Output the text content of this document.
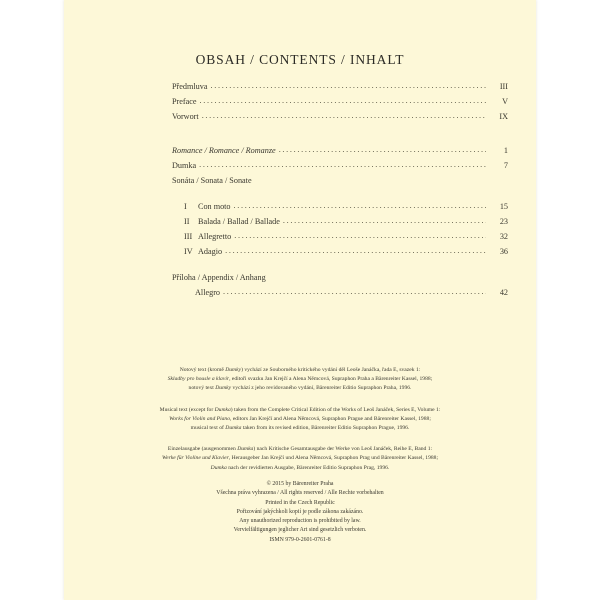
OBSAH / CONTENTS / INHALT
Předmluva .....	III
Preface .....	V
Vorwort .....	IX
Romance / Romance / Romanze .....	1
Dumka .....	7
Sonáta / Sonata / Sonate
I	Con moto .....	15
II	Balada / Ballad / Ballade .....	23
III Allegretto .....	32
IV Adagio .....	36
Příloha / Appendix / Anhang
Allegro .....	42
Notový text (kromě Dumky) vychází ze Souborného kritického vydání děl Leoše Janáčka, řada E, svazek 1:
Skladby pro housle a klavír, editoři svazku Jan Krejčí a Alena Němcová, Supraphon Praha a Bärenreiter Kassel, 1988;
notový text Dumky vychází z jeho revidovaného vydání, Bärenreiter Editio Supraphon Praha, 1996.
Musical text (except for Dumka) taken from the Complete Critical Edition of the Works of Leoš Janáček, Series E, Volume 1:
Works for Violin and Piano, editors Jan Krejčí and Alena Němcová, Supraphon Prague and Bärenreiter Kassel, 1988;
musical text of Dumka taken from its revised edition, Bärenreiter Editio Supraphon Prague, 1996.
Einzelausgabe (ausgenommen Dumka) nach Kritische Gesamtausgabe der Werke von Leoš Janáček, Reihe E, Band 1:
Werke für Violine und Klavier, Herausgeber Jan Krejčí und Alena Němcová, Supraphon Prag und Bärenreiter Kassel, 1988;
Dumka nach der revidierten Ausgabe, Bärenreiter Editio Supraphon Prag, 1996.
© 2015 by Bärenreiter Praha
Všechna práva vyhrazena / All rights reserved / Alle Rechte vorbehalten
Printed in the Czech Republic
Pořizování jakýchkoli kopií je podle zákona zakázáno.
Any unauthorized reproduction is prohibited by law.
Vervielfältigungen jeglicher Art sind gesetzlich verboten.
ISMN 979-0-2601-0761-8
